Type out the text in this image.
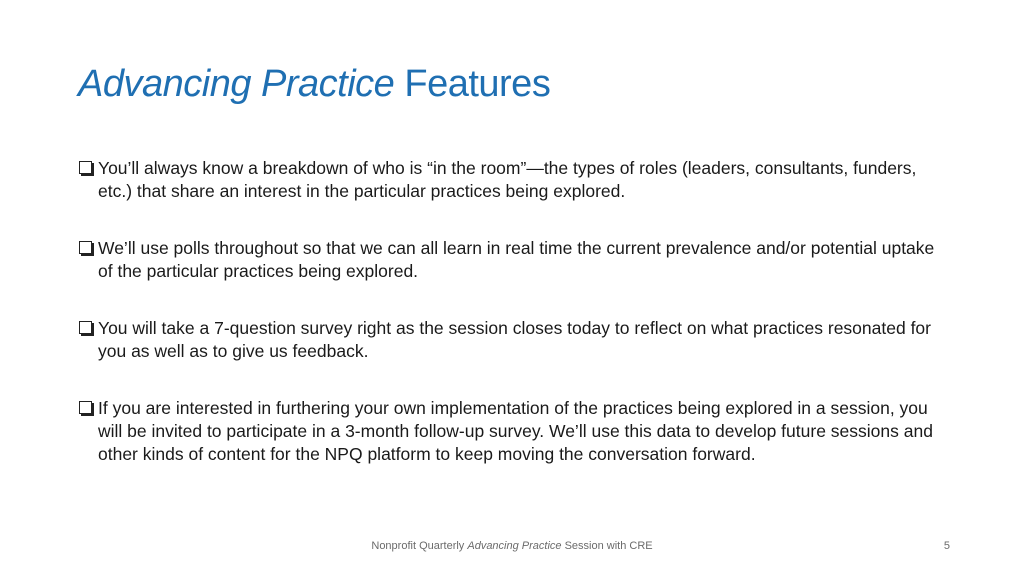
Advancing Practice Features
You’ll always know a breakdown of who is “in the room”—the types of roles (leaders, consultants, funders, etc.) that share an interest in the particular practices being explored.
We’ll use polls throughout so that we can all learn in real time the current prevalence and/or potential uptake of the particular practices being explored.
You will take a 7-question survey right as the session closes today to reflect on what practices resonated for you as well as to give us feedback.
If you are interested in furthering your own implementation of the practices being explored in a session, you will be invited to participate in a 3-month follow-up survey. We’ll use this data to develop future sessions and other kinds of content for the NPQ platform to keep moving the conversation forward.
Nonprofit Quarterly Advancing Practice Session with CRE	5
